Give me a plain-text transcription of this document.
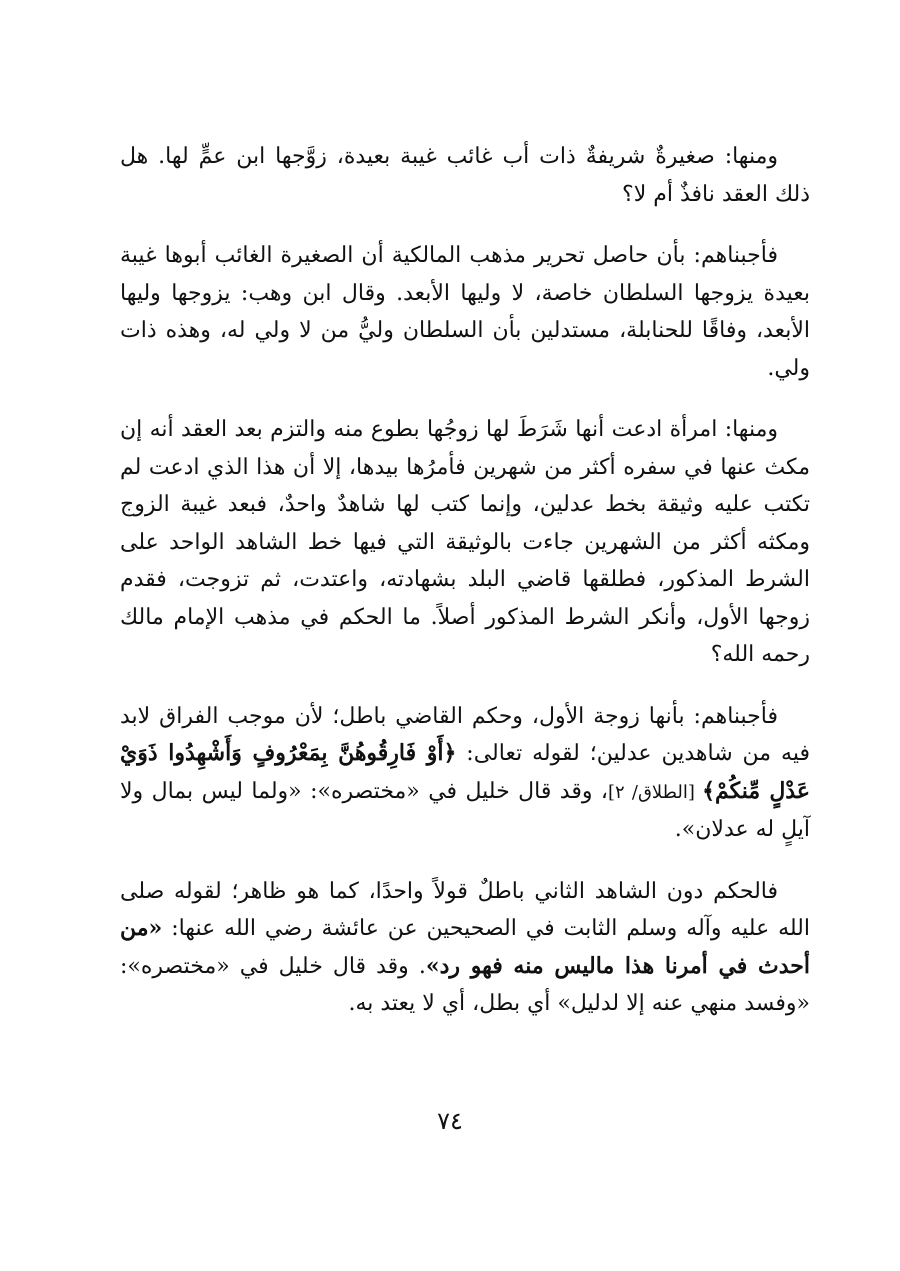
ومنها: صغيرةٌ شريفةٌ ذات أب غائب غيبة بعيدة، زوَّجها ابن عمٍّ لها. هل ذلك العقد نافذٌ أم لا؟

فأجبناهم: بأن حاصل تحرير مذهب المالكية أن الصغيرة الغائب أبوها غيبة بعيدة يزوجها السلطان خاصة، لا وليها الأبعد. وقال ابن وهب: يزوجها وليها الأبعد، وفاقًا للحنابلة، مستدلين بأن السلطان وليُّ من لا ولي له، وهذه ذات ولي.

ومنها: امرأة ادعت أنها شَرَطَ لها زوجُها بطوع منه والتزم بعد العقد أنه إن مكث عنها في سفره أكثر من شهرين فأمرُها بيدها، إلا أن هذا الذي ادعت لم تكتب عليه وثيقة بخط عدلين، وإنما كتب لها شاهدٌ واحدٌ، فبعد غيبة الزوج ومكثه أكثر من الشهرين جاءت بالوثيقة التي فيها خط الشاهد الواحد على الشرط المذكور، فطلقها قاضي البلد بشهادته، واعتدت، ثم تزوجت، فقدم زوجها الأول، وأنكر الشرط المذكور أصلاً. ما الحكم في مذهب الإمام مالك رحمه الله؟

فأجبناهم: بأنها زوجة الأول، وحكم القاضي باطل؛ لأن موجب الفراق لابد فيه من شاهدين عدلين؛ لقوله تعالى: ﴿أَوْ فَارِقُوهُنَّ بِمَعْرُوفٍ وَأَشْهِدُوا ذَوَيْ عَدْلٍ مِّنكُمْ﴾ [الطلاق/ ٢]، وقد قال خليل في «مختصره»: «ولما ليس بمال ولا آيلٍ له عدلان».

فالحكم دون الشاهد الثاني باطلٌ قولاً واحدًا، كما هو ظاهر؛ لقوله صلى الله عليه وآله وسلم الثابت في الصحيحين عن عائشة رضي الله عنها: «من أحدث في أمرنا هذا ماليس منه فهو رد». وقد قال خليل في «مختصره»: «وفسد منهي عنه إلا لدليل» أي بطل، أي لا يعتد به.

٧٤
